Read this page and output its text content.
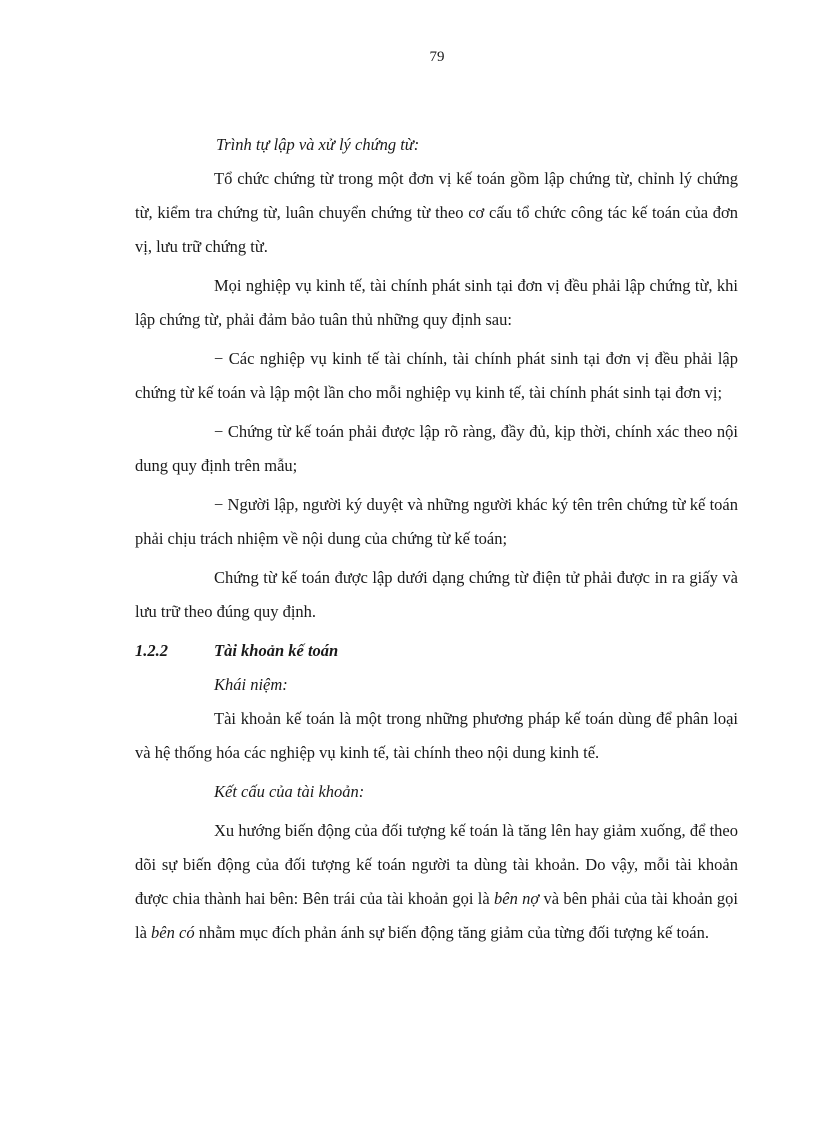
79

Trình tự lập và xử lý chứng từ:

Tổ chức chứng từ trong một đơn vị kế toán gồm lập chứng từ, chỉnh lý chứng từ, kiểm tra chứng từ, luân chuyển chứng từ theo cơ cấu tổ chức công tác kế toán của đơn vị, lưu trữ chứng từ.

Mọi nghiệp vụ kinh tế, tài chính phát sinh tại đơn vị đều phải lập chứng từ, khi lập chứng từ, phải đảm bảo tuân thủ những quy định sau:

− Các nghiệp vụ kinh tế tài chính, tài chính phát sinh tại đơn vị đều phải lập chứng từ kế toán và lập một lần cho mỗi nghiệp vụ kinh tế, tài chính phát sinh tại đơn vị;

− Chứng từ kế toán phải được lập rõ ràng, đầy đủ, kịp thời, chính xác theo nội dung quy định trên mẫu;

− Người lập, người ký duyệt và những người khác ký tên trên chứng từ kế toán phải chịu trách nhiệm về nội dung của chứng từ kế toán;

Chứng từ kế toán được lập dưới dạng chứng từ điện tử phải được in ra giấy và lưu trữ theo đúng quy định.

1.2.2	Tài khoản kế toán

Khái niệm:

Tài khoản kế toán là một trong những phương pháp kế toán dùng để phân loại và hệ thống hóa các nghiệp vụ kinh tế, tài chính theo nội dung kinh tế.

Kết cấu của tài khoản:

Xu hướng biến động của đối tượng kế toán là tăng lên hay giảm xuống, để theo dõi sự biến động của đối tượng kế toán người ta dùng tài khoản. Do vậy, mỗi tài khoản được chia thành hai bên: Bên trái của tài khoản gọi là bên nợ và bên phải của tài khoản gọi là bên có nhằm mục đích phản ánh sự biến động tăng giảm của từng đối tượng kế toán.
